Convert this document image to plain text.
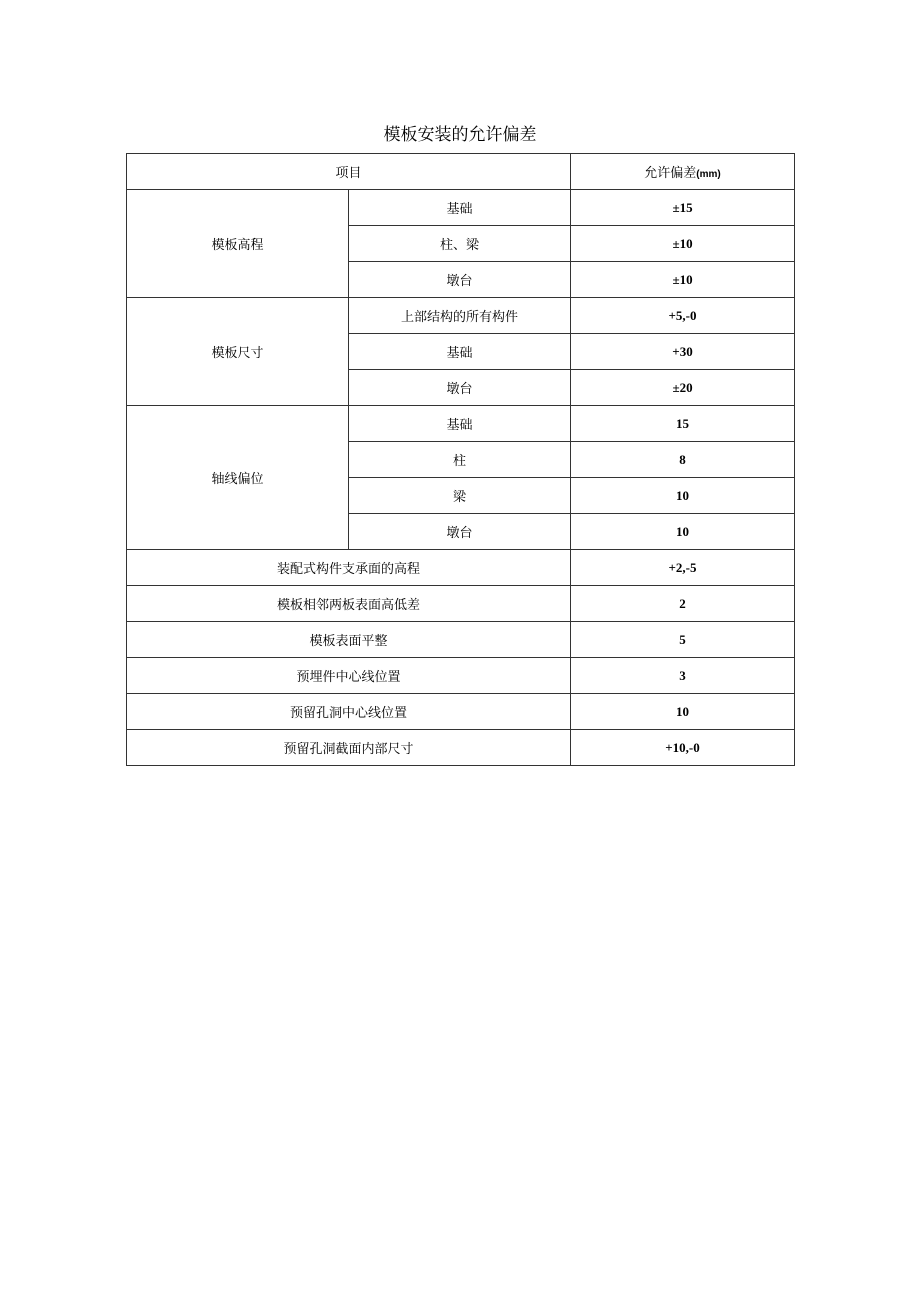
模板安装的允许偏差
项目		允许偏差(mm)
模板高程	基础	±15
	柱、梁	±10
	墩台	±10
模板尺寸	上部结构的所有构件	+5,-0
	基础	+30
	墩台	±20
轴线偏位	基础	15
	柱	8
	梁	10
	墩台	10
装配式构件支承面的高程		+2,-5
模板相邻两板表面高低差		2
模板表面平整		5
预埋件中心线位置		3
预留孔洞中心线位置		10
预留孔洞截面内部尺寸		+10,-0
